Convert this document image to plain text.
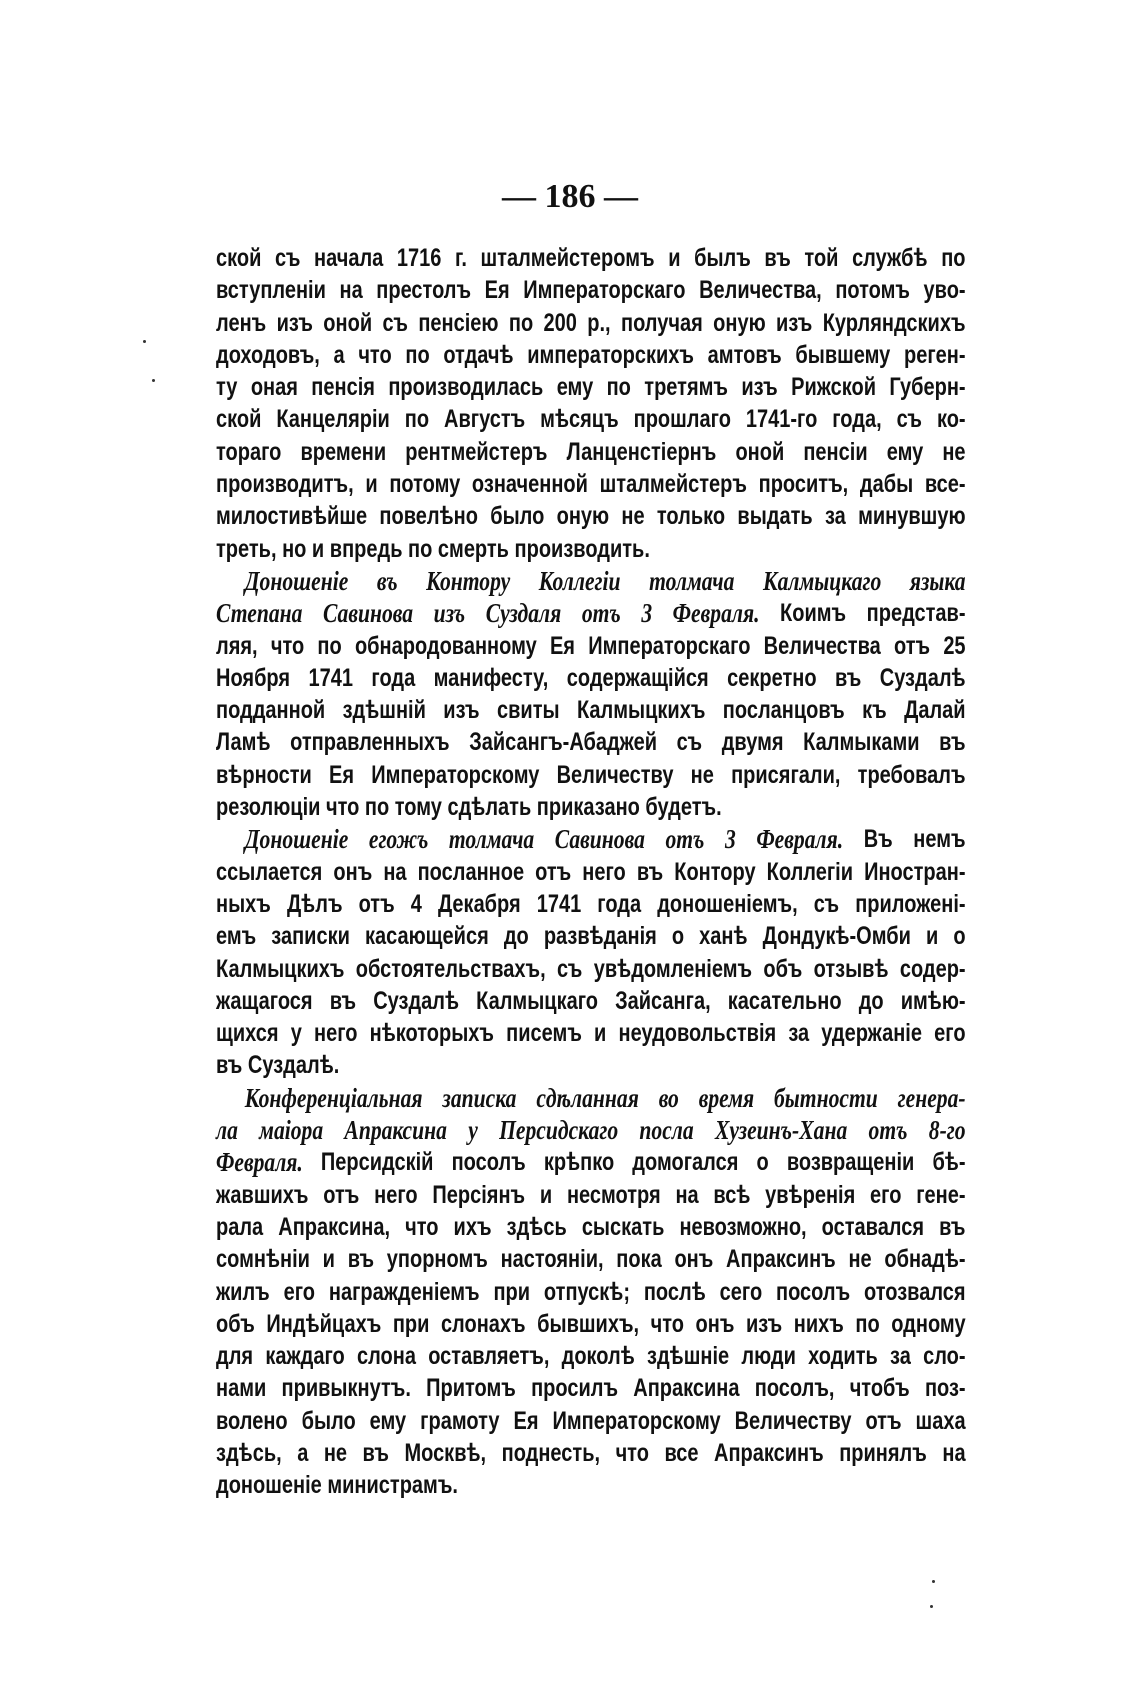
— 186 —
ской съ начала 1716 г. шталмейстеромъ и былъ въ той службѣ по
вступленіи на престолъ Ея Императорскаго Величества, потомъ уво-
ленъ изъ оной съ пенсіею по 200 р., получая оную изъ Курляндскихъ
доходовъ, а что по отдачѣ императорскихъ амтовъ бывшему реген-
ту оная пенсія производилась ему по третямъ изъ Рижской Губерн-
ской Канцеляріи по Августъ мѣсяцъ прошлаго 1741-го года, съ ко-
тораго времени рентмейстеръ Ланценстіернъ оной пенсіи ему не
производитъ, и потому означенной шталмейстеръ проситъ, дабы все-
милостивѣйше повелѣно было оную не только выдать за минувшую
треть, но и впредь по смерть производить.
Доношеніе въ Контору Коллегіи толмача Калмыцкаго языка
Степана Савинова изъ Суздаля отъ 3 Февраля. Коимъ представ-
ляя, что по обнародованному Ея Императорскаго Величества отъ 25
Ноября 1741 года манифесту, содержащійся секретно въ Суздалѣ
подданной здѣшній изъ свиты Калмыцкихъ посланцовъ къ Далай
Ламѣ отправленныхъ Зайсангъ-Абаджей съ двумя Калмыками въ
вѣрности Ея Императорскому Величеству не присягали, требовалъ
резолюціи что по тому сдѣлать приказано будетъ.
Доношеніе егожъ толмача Савинова отъ 3 Февраля. Въ немъ
ссылается онъ на посланное отъ него въ Контору Коллегіи Иностран-
ныхъ Дѣлъ отъ 4 Декабря 1741 года доношеніемъ, съ приложені-
емъ записки касающейся до развѣданія о ханѣ Дондукѣ-Омби и о
Калмыцкихъ обстоятельствахъ, съ увѣдомленіемъ объ отзывѣ содер-
жащагося въ Суздалѣ Калмыцкаго Зайсанга, касательно до имѣю-
щихся у него нѣкоторыхъ писемъ и неудовольствія за удержаніе его
въ Суздалѣ.
Конференціальная записка сдѣланная во время бытности генера-
ла маіора Апраксина у Персидскаго посла Хузеинъ-Хана отъ 8-го
Февраля. Персидскій посолъ крѣпко домогался о возвращеніи бѣ-
жавшихъ отъ него Персіянъ и несмотря на всѣ увѣренія его гене-
рала Апраксина, что ихъ здѣсь сыскать невозможно, оставался въ
сомнѣніи и въ упорномъ настояніи, пока онъ Апраксинъ не обнадѣ-
жилъ его награжденіемъ при отпускѣ; послѣ сего посолъ отозвался
объ Индѣйцахъ при слонахъ бывшихъ, что онъ изъ нихъ по одному
для каждаго слона оставляетъ, доколѣ здѣшніе люди ходить за сло-
нами привыкнутъ. Притомъ просилъ Апраксина посолъ, чтобъ поз-
волено было ему грамоту Ея Императорскому Величеству отъ шаха
здѣсь, а не въ Москвѣ, поднесть, что все Апраксинъ принялъ на
доношеніе министрамъ.
